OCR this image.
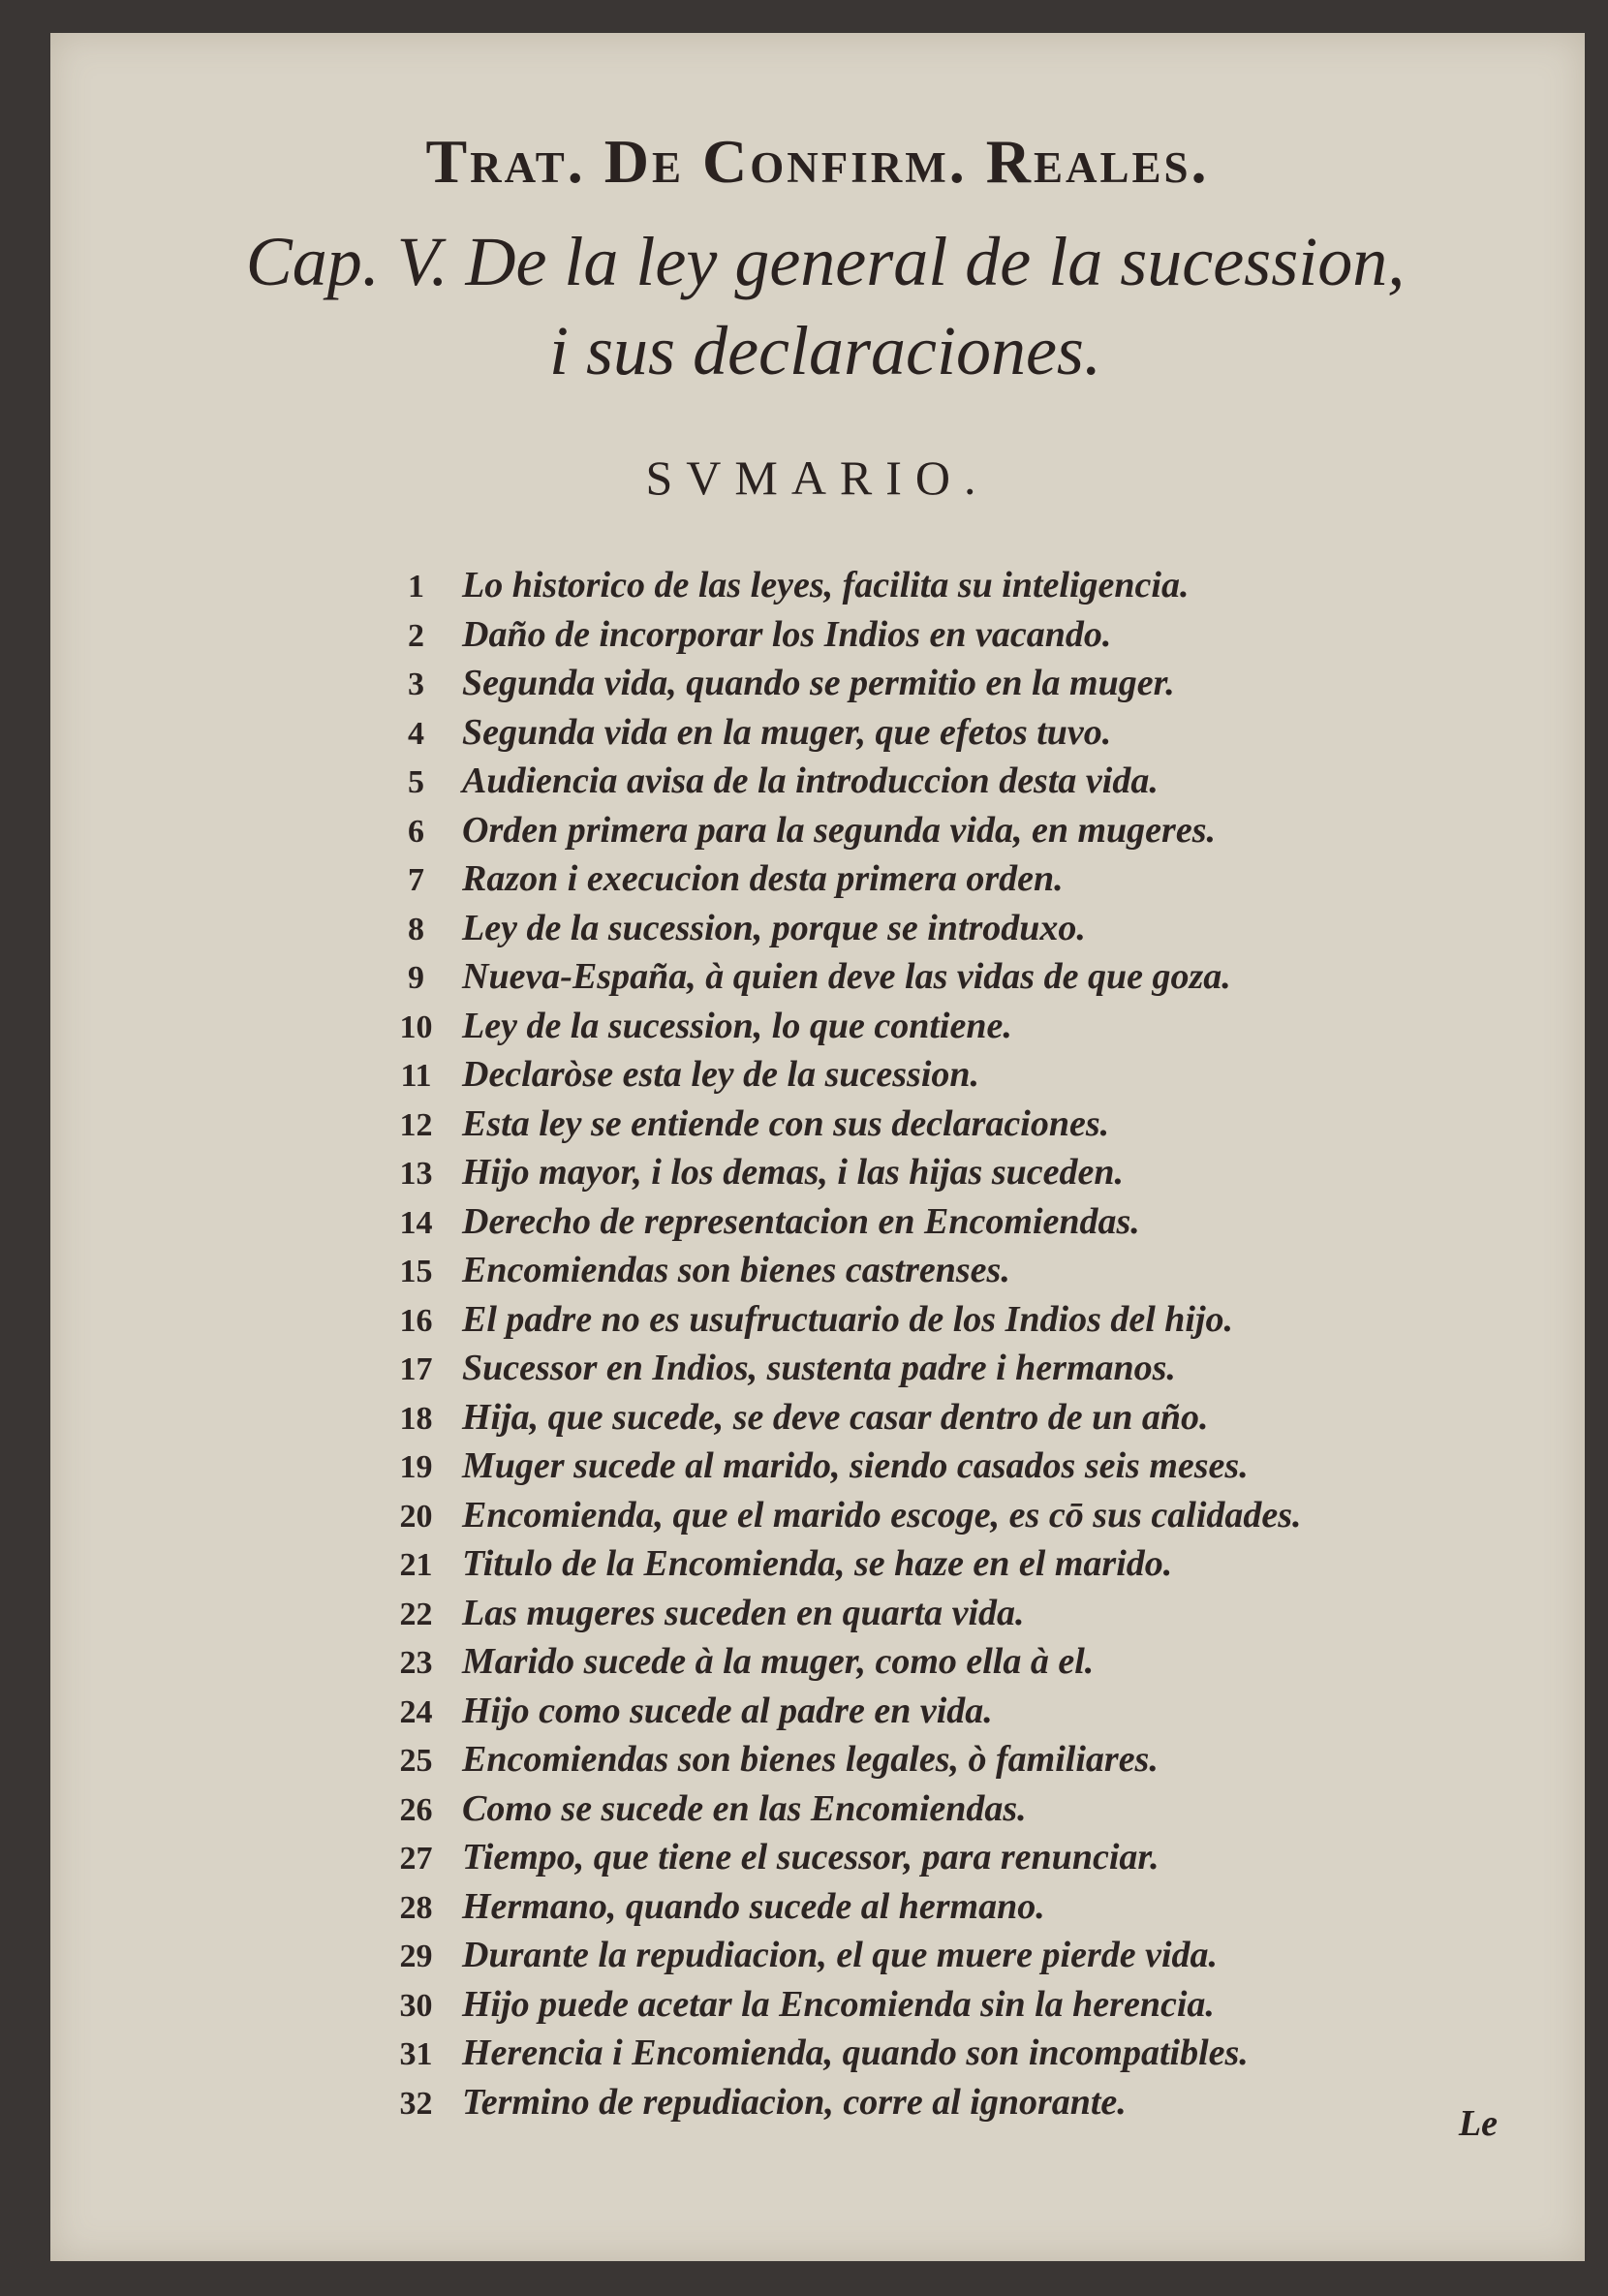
Trat. De Confirm. Reales.
Cap. V. De la ley general de la sucession,
i sus declaraciones.
SVMARIO.
1	Lo historico de las leyes, facilita su inteligencia.
2	Daño de incorporar los Indios en vacando.
3	Segunda vida, quando se permitio en la muger.
4	Segunda vida en la muger, que efetos tuvo.
5	Audiencia avisa de la introduccion desta vida.
6	Orden primera para la segunda vida, en mugeres.
7	Razon i execucion desta primera orden.
8	Ley de la sucession, porque se introduxo.
9	Nueva-España, à quien deve las vidas de que goza.
10 Ley de la sucession, lo que contiene.
11 Declaròse esta ley de la sucession.
12 Esta ley se entiende con sus declaraciones.
13 Hijo mayor, i los demas, i las hijas suceden.
14 Derecho de representacion en Encomiendas.
15 Encomiendas son bienes castrenses.
16 El padre no es usufructuario de los Indios del hijo.
17 Sucessor en Indios, sustenta padre i hermanos.
18 Hija, que sucede, se deve casar dentro de un año.
19 Muger sucede al marido, siendo casados seis meses.
20 Encomienda, que el marido escoge, es cō sus calidades.
21 Titulo de la Encomienda, se haze en el marido.
22 Las mugeres suceden en quarta vida.
23 Marido sucede à la muger, como ella à el.
24 Hijo como sucede al padre en vida.
25 Encomiendas son bienes legales, ò familiares.
26 Como se sucede en las Encomiendas.
27 Tiempo, que tiene el sucessor, para renunciar.
28 Hermano, quando sucede al hermano.
29 Durante la repudiacion, el que muere pierde vida.
30 Hijo puede acetar la Encomienda sin la herencia.
31 Herencia i Encomienda, quando son incompatibles.
32 Termino de repudiacion, corre al ignorante.
Le
